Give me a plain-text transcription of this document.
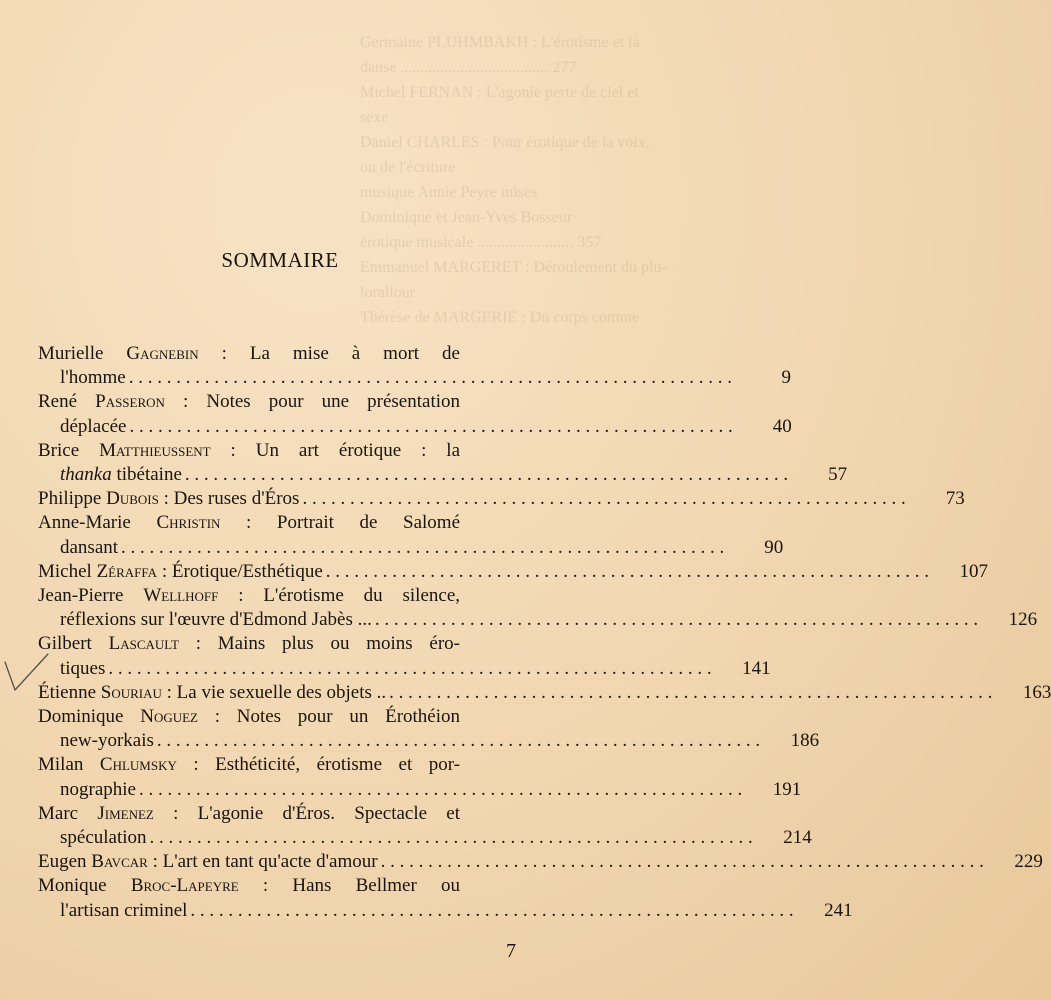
Germaine PLUHMBAKH : L'érotisme et la
danse ..................................... 277
Michel FERNAN : L'agonie perte de ciel et
sexe
Daniel CHARLES : Pour érotique de la voix,
ou de l'écriture
musique Annie Peyre mises
Dominique et Jean-Yves Bosseur
érotique musicale ........................ 357
Emmanuel MARGERET : Déroulement du plu-
lorallour
Thérèse de MARGERIE : Du corps comme
SOMMAIRE
Murielle Gagnebin : La mise à mort de
l'homme . . .	9
René Passeron : Notes pour une présentation
déplacée . . .	40
Brice Matthieussent : Un art érotique : la
thanka tibétaine . . .	57
Philippe Dubois : Des ruses d'Éros . . .	73
Anne-Marie Christin : Portrait de Salomé
dansant . . .	90
Michel Zéraffa : Érotique/Esthétique . . .	107
Jean-Pierre Wellhoff : L'érotisme du silence,
réflexions sur l'œuvre d'Edmond Jabès ... . . .	126
Gilbert Lascault : Mains plus ou moins éro-
tiques . . .	141
Étienne Souriau : La vie sexuelle des objets .. . . .	163
Dominique Noguez : Notes pour un Érothéion
new-yorkais . . .	186
Milan Chlumsky : Esthéticité, érotisme et por-
nographie . . .	191
Marc Jimenez : L'agonie d'Éros. Spectacle et
spéculation . . .	214
Eugen Bavcar : L'art en tant qu'acte d'amour . . .	229
Monique Broc-Lapeyre : Hans Bellmer ou
l'artisan criminel . . .	241
7
